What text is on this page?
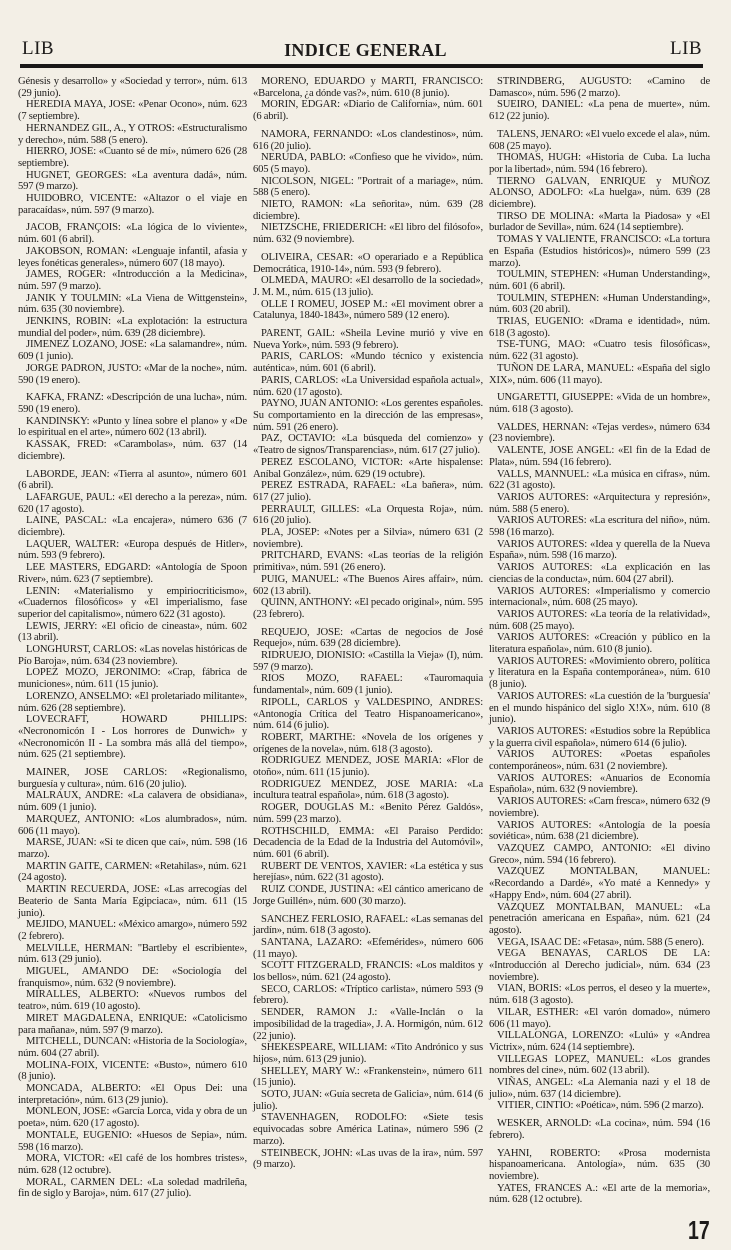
LIB	INDICE GENERAL	LIB

Génesis y desarrollo» y «Sociedad y terror», núm. 613 (29 junio).

HEREDIA MAYA, JOSE: «Penar Ocono», núm. 623 (7 septiembre).

HERNANDEZ GIL, A., Y OTROS: «Estructuralismo y derecho», núm. 588 (5 enero).

HIERRO, JOSE: «Cuanto sé de mí», número 626 (28 septiembre).

HUGNET, GEORGES: «La aventura dadá», núm. 597 (9 marzo).

HUIDOBRO, VICENTE: «Altazor o el viaje en paracaídas», núm. 597 (9 marzo).

JACOB, FRANÇOIS: «La lógica de lo viviente», núm. 601 (6 abril).

JAKOBSON, ROMAN: «Lenguaje infantil, afasia y leyes fonéticas generales», número 607 (18 mayo).

JAMES, ROGER: «Introducción a la Medicina», núm. 597 (9 marzo).

JANIK Y TOULMIN: «La Viena de Wittgenstein», núm. 635 (30 noviembre).

JENKINS, ROBIN: «La explotación: la estructura mundial del poder», núm. 639 (28 diciembre).

JIMENEZ LOZANO, JOSE: «La salamandre», núm. 609 (1 junio).

JORGE PADRON, JUSTO: «Mar de la noche», núm. 590 (19 enero).

KAFKA, FRANZ: «Descripción de una lucha», núm. 590 (19 enero).

KANDINSKY: «Punto y línea sobre el plano» y «De lo espiritual en el arte», número 602 (13 abril).

KASSAK, FRED: «Carambolas», núm. 637 (14 diciembre).

LABORDE, JEAN: «Tierra al asunto», número 601 (6 abril).

LAFARGUE, PAUL: «El derecho a la pereza», núm. 620 (17 agosto).

LAINE, PASCAL: «La encajera», número 636 (7 diciembre).

LAQUER, WALTER: «Europa después de Hitler», núm. 593 (9 febrero).

LEE MASTERS, EDGARD: «Antología de Spoon River», núm. 623 (7 septiembre).

LENIN: «Materialismo y empiriocriticismo», «Cuadernos filosóficos» y «El imperialismo, fase superior del capitalismo», número 622 (31 agosto).

LEWIS, JERRY: «El oficio de cineasta», núm. 602 (13 abril).

LONGHURST, CARLOS: «Las novelas históricas de Pío Baroja», núm. 634 (23 noviembre).

LOPEZ MOZO, JERONIMO: «Crap, fábrica de municiones», núm. 611 (15 junio).

LORENZO, ANSELMO: «El proletariado militante», núm. 626 (28 septiembre).

LOVECRAFT, HOWARD PHILLIPS: «Necronomicón I - Los horrores de Dunwich» y «Necronomicón II - La sombra más allá del tiempo», núm. 625 (21 septiembre).

MAINER, JOSE CARLOS: «Regionalismo, burguesía y cultura», núm. 616 (20 julio).

MALRAUX, ANDRE: «La calavera de obsidiana», núm. 609 (1 junio).

MARQUEZ, ANTONIO: «Los alumbrados», núm. 606 (11 mayo).

MARSE, JUAN: «Si te dicen que caí», núm. 598 (16 marzo).

MARTIN GAITE, CARMEN: «Retahilas», núm. 621 (24 agosto).

MARTIN RECUERDA, JOSE: «Las arrecogías del Beaterio de Santa María Egipciaca», núm. 611 (15 junio).

MEJIDO, MANUEL: «México amargo», número 592 (2 febrero).

MELVILLE, HERMAN: "Bartleby el escribiente», núm. 613 (29 junio).

MIGUEL, AMANDO DE: «Sociología del franquismo», núm. 632 (9 noviembre).

MIRALLES, ALBERTO: «Nuevos rumbos del teatro», núm. 619 (10 agosto).

MIRET MAGDALENA, ENRIQUE: «Catolicismo para mañana», núm. 597 (9 marzo).

MITCHELL, DUNCAN: «Historia de la Sociología», núm. 604 (27 abril).

MOLINA-FOIX, VICENTE: «Busto», número 610 (8 junio).

MONCADA, ALBERTO: «El Opus Dei: una interpretación», núm. 613 (29 junio).

MONLEON, JOSE: «García Lorca, vida y obra de un poeta», núm. 620 (17 agosto).

MONTALE, EUGENIO: «Huesos de Sepia», núm. 598 (16 marzo).

MORA, VICTOR: «El café de los hombres tristes», núm. 628 (12 octubre).

MORAL, CARMEN DEL: «La soledad madrileña, fin de siglo y Baroja», núm. 617 (27 julio).

MORENO, EDUARDO y MARTI, FRANCISCO: «Barcelona, ¿a dónde vas?», núm. 610 (8 junio).

MORIN, EDGAR: «Diario de California», núm. 601 (6 abril).

NAMORA, FERNANDO: «Los clandestinos», núm. 616 (20 julio).

NERUDA, PABLO: «Confieso que he vivido», núm. 605 (5 mayo).

NICOLSON, NIGEL: "Portrait of a mariage», núm. 588 (5 enero).

NIETO, RAMON: «La señorita», núm. 639 (28 diciembre).

NIETZSCHE, FRIEDERICH: «El libro del filósofo», núm. 632 (9 noviembre).

OLIVEIRA, CESAR: «O operariado e a República Democrática, 1910-14», núm. 593 (9 febrero).

OLMEDA, MAURO: «El desarrollo de la sociedad», J. M. M., núm. 615 (13 julio).

OLLE I ROMEU, JOSEP M.: «El moviment obrer a Catalunya, 1840-1843», número 589 (12 enero).

PARENT, GAIL: «Sheila Levine murió y vive en Nueva York», núm. 593 (9 febrero).

PARIS, CARLOS: «Mundo técnico y existencia auténtica», núm. 601 (6 abril).

PARIS, CARLOS: «La Universidad española actual», núm. 620 (17 agosto).

PAYNO, JUAN ANTONIO: «Los gerentes españoles. Su comportamiento en la dirección de las empresas», núm. 591 (26 enero).

PAZ, OCTAVIO: «La búsqueda del comienzo» y «Teatro de signos/Transparencias», núm. 617 (27 julio).

PEREZ ESCOLANO, VICTOR: «Arte hispalense: Aníbal González», núm. 629 (19 octubre).

PEREZ ESTRADA, RAFAEL: «La bañera», núm. 617 (27 julio).

PERRAULT, GILLES: «La Orquesta Roja», núm. 616 (20 julio).

PLA, JOSEP: «Notes per a Silvia», número 631 (2 noviembre).

PRITCHARD, EVANS: «Las teorías de la religión primitiva», núm. 591 (26 enero).

PUIG, MANUEL: «The Buenos Aires affair», núm. 602 (13 abril).

QUINN, ANTHONY: «El pecado original», núm. 595 (23 febrero).

REQUEJO, JOSE: «Cartas de negocios de José Requejo», núm. 639 (28 diciembre).

RIDRUEJO, DIONISIO: «Castilla la Vieja» (I), núm. 597 (9 marzo).

RIOS MOZO, RAFAEL: «Tauromaquia fundamental», núm. 609 (1 junio).

RIPOLL, CARLOS y VALDESPINO, ANDRES: «Antonogía Crítica del Teatro Hispanoamericano», núm. 614 (6 julio).

ROBERT, MARTHE: «Novela de los orígenes y orígenes de la novela», núm. 618 (3 agosto).

RODRIGUEZ MENDEZ, JOSE MARIA: «Flor de otoño», núm. 611 (15 junio).

RODRIGUEZ MENDEZ, JOSE MARIA: «La incultura teatral española», núm. 618 (3 agosto).

ROGER, DOUGLAS M.: «Benito Pérez Galdós», núm. 599 (23 marzo).

ROTHSCHILD, EMMA: «El Paraiso Perdido: Decadencia de la Edad de la Industria del Automóvil», núm. 601 (6 abril).

RUBERT DE VENTOS, XAVIER: «La estética y sus herejías», núm. 622 (31 agosto).

RUIZ CONDE, JUSTINA: «El cántico americano de Jorge Guillén», núm. 600 (30 marzo).

SANCHEZ FERLOSIO, RAFAEL: «Las semanas del jardín», núm. 618 (3 agosto).

SANTANA, LAZARO: «Efemérides», número 606 (11 mayo).

SCOTT FITZGERALD, FRANCIS: «Los malditos y los bellos», núm. 621 (24 agosto).

SECO, CARLOS: «Tríptico carlista», número 593 (9 febrero).

SENDER, RAMON J.: «Valle-Inclán o la imposibilidad de la tragedia», J. A. Hormigón, núm. 612 (22 junio).

SHEKESPEARE, WILLIAM: «Tito Andrónico y sus hijos», núm. 613 (29 junio).

SHELLEY, MARY W.: «Frankenstein», número 611 (15 junio).

SOTO, JUAN: «Guía secreta de Galicia», núm. 614 (6 julio).

STAVENHAGEN, RODOLFO: «Siete tesis equivocadas sobre América Latina», número 596 (2 marzo).

STEINBECK, JOHN: «Las uvas de la ira», núm. 597 (9 marzo).

STRINDBERG, AUGUSTO: «Camino de Damasco», núm. 596 (2 marzo).

SUEIRO, DANIEL: «La pena de muerte», núm. 612 (22 junio).

TALENS, JENARO: «El vuelo excede el ala», núm. 608 (25 mayo).

THOMAS, HUGH: «Historia de Cuba. La lucha por la libertad», núm. 594 (16 febrero).

TIERNO GALVAN, ENRIQUE y MUÑOZ ALONSO, ADOLFO: «La huelga», núm. 639 (28 diciembre).

TIRSO DE MOLINA: «Marta la Piadosa» y «El burlador de Sevilla», núm. 624 (14 septiembre).

TOMAS Y VALIENTE, FRANCISCO: «La tortura en España (Estudios históricos)», número 599 (23 marzo).

TOULMIN, STEPHEN: «Human Understanding», núm. 601 (6 abril).

TOULMIN, STEPHEN: «Human Understanding», núm. 603 (20 abril).

TRIAS, EUGENIO: «Drama e identidad», núm. 618 (3 agosto).

TSE-TUNG, MAO: «Cuatro tesis filosóficas», núm. 622 (31 agosto).

TUÑON DE LARA, MANUEL: «España del siglo XIX», núm. 606 (11 mayo).

UNGARETTI, GIUSEPPE: «Vida de un hombre», núm. 618 (3 agosto).

VALDES, HERNAN: «Tejas verdes», número 634 (23 noviembre).

VALENTE, JOSE ANGEL: «El fin de la Edad de Plata», núm. 594 (16 febrero).

VALLS, MANNUEL: «La música en cifras», núm. 622 (31 agosto).

VARIOS AUTORES: «Arquitectura y represión», núm. 588 (5 enero).

VARIOS AUTORES: «La escritura del niño», núm. 598 (16 marzo).

VARIOS AUTORES: «Idea y querella de la Nueva España», núm. 598 (16 marzo).

VARIOS AUTORES: «La explicación en las ciencias de la conducta», núm. 604 (27 abril).

VARIOS AUTORES: «Imperialismo y comercio internacional», núm. 608 (25 mayo).

VARIOS AUTORES: «La teoría de la relatividad», núm. 608 (25 mayo).

VARIOS AUTORES: «Creación y público en la literatura española», núm. 610 (8 junio).

VARIOS AUTORES: «Movimiento obrero, política y literatura en la España contemporánea», núm. 610 (8 junio).

VARIOS AUTORES: «La cuestión de la 'burguesía' en el mundo hispánico del siglo X!X», núm. 610 (8 junio).

VARIOS AUTORES: «Estudios sobre la República y la guerra civil española», número 614 (6 julio).

VARIOS AUTORES: «Poetas españoles contemporáneos», núm. 631 (2 noviembre).

VARIOS AUTORES: «Anuarios de Economía Española», núm. 632 (9 noviembre).

VARIOS AUTORES: «Carn fresca», número 632 (9 noviembre).

VARIOS AUTORES: «Antología de la poesía soviética», núm. 638 (21 diciembre).

VAZQUEZ CAMPO, ANTONIO: «El divino Greco», núm. 594 (16 febrero).

VAZQUEZ MONTALBAN, MANUEL: «Recordando a Dardé», «Yo maté a Kennedy» y «Happy End», núm. 604 (27 abril).

VAZQUEZ MONTALBAN, MANUEL: «La penetración americana en España», núm. 621 (24 agosto).

VEGA, ISAAC DE: «Fetasa», núm. 588 (5 enero).

VEGA BENAYAS, CARLOS DE LA: «Introducción al Derecho judicial», núm. 634 (23 noviembre).

VIAN, BORIS: «Los perros, el deseo y la muerte», núm. 618 (3 agosto).

VILAR, ESTHER: «El varón domado», número 606 (11 mayo).

VILLALONGA, LORENZO: «Lulú» y «Andrea Victrix», núm. 624 (14 septiembre).

VILLEGAS LOPEZ, MANUEL: «Los grandes nombres del cine», núm. 602 (13 abril).

VIÑAS, ANGEL: «La Alemania nazi y el 18 de julio», núm. 637 (14 diciembre).

VITIER, CINTIO: «Poética», núm. 596 (2 marzo).

WESKER, ARNOLD: «La cocina», núm. 594 (16 febrero).

YAHNI, ROBERTO: «Prosa modernista hispanoamericana. Antología», núm. 635 (30 noviembre).

YATES, FRANCES A.: «El arte de la memoria», núm. 628 (12 octubre).

17
